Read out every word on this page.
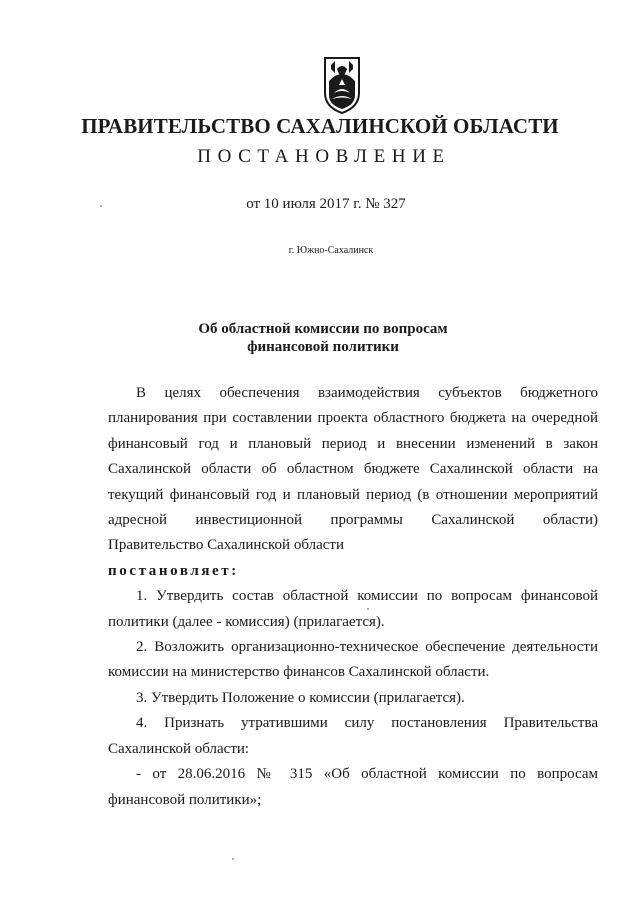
ПРАВИТЕЛЬСТВО САХАЛИНСКОЙ ОБЛАСТИ
ПОСТАНОВЛЕНИЕ
от 10 июля 2017 г. № 327
г. Южно-Сахалинск
Об областной комиссии по вопросам
финансовой политики

В целях обеспечения взаимодействия субъектов бюджетного планирования при составлении проекта областного бюджета на очередной финансовый год и плановый период и внесении изменений в закон Сахалинской области об областном бюджете Сахалинской области на текущий финансовый год и плановый период (в отношении мероприятий адресной инвестиционной программы Сахалинской области) Правительство Сахалинской области

постановляет:

1. Утвердить состав областной комиссии по вопросам финансовой политики (далее - комиссия) (прилагается).

2. Возложить организационно-техническое обеспечение деятельности комиссии на министерство финансов Сахалинской области.

3. Утвердить Положение о комиссии (прилагается).

4. Признать утратившими силу постановления Правительства Сахалинской области:

- от 28.06.2016 № 315 «Об областной комиссии по вопросам финансовой политики»;
